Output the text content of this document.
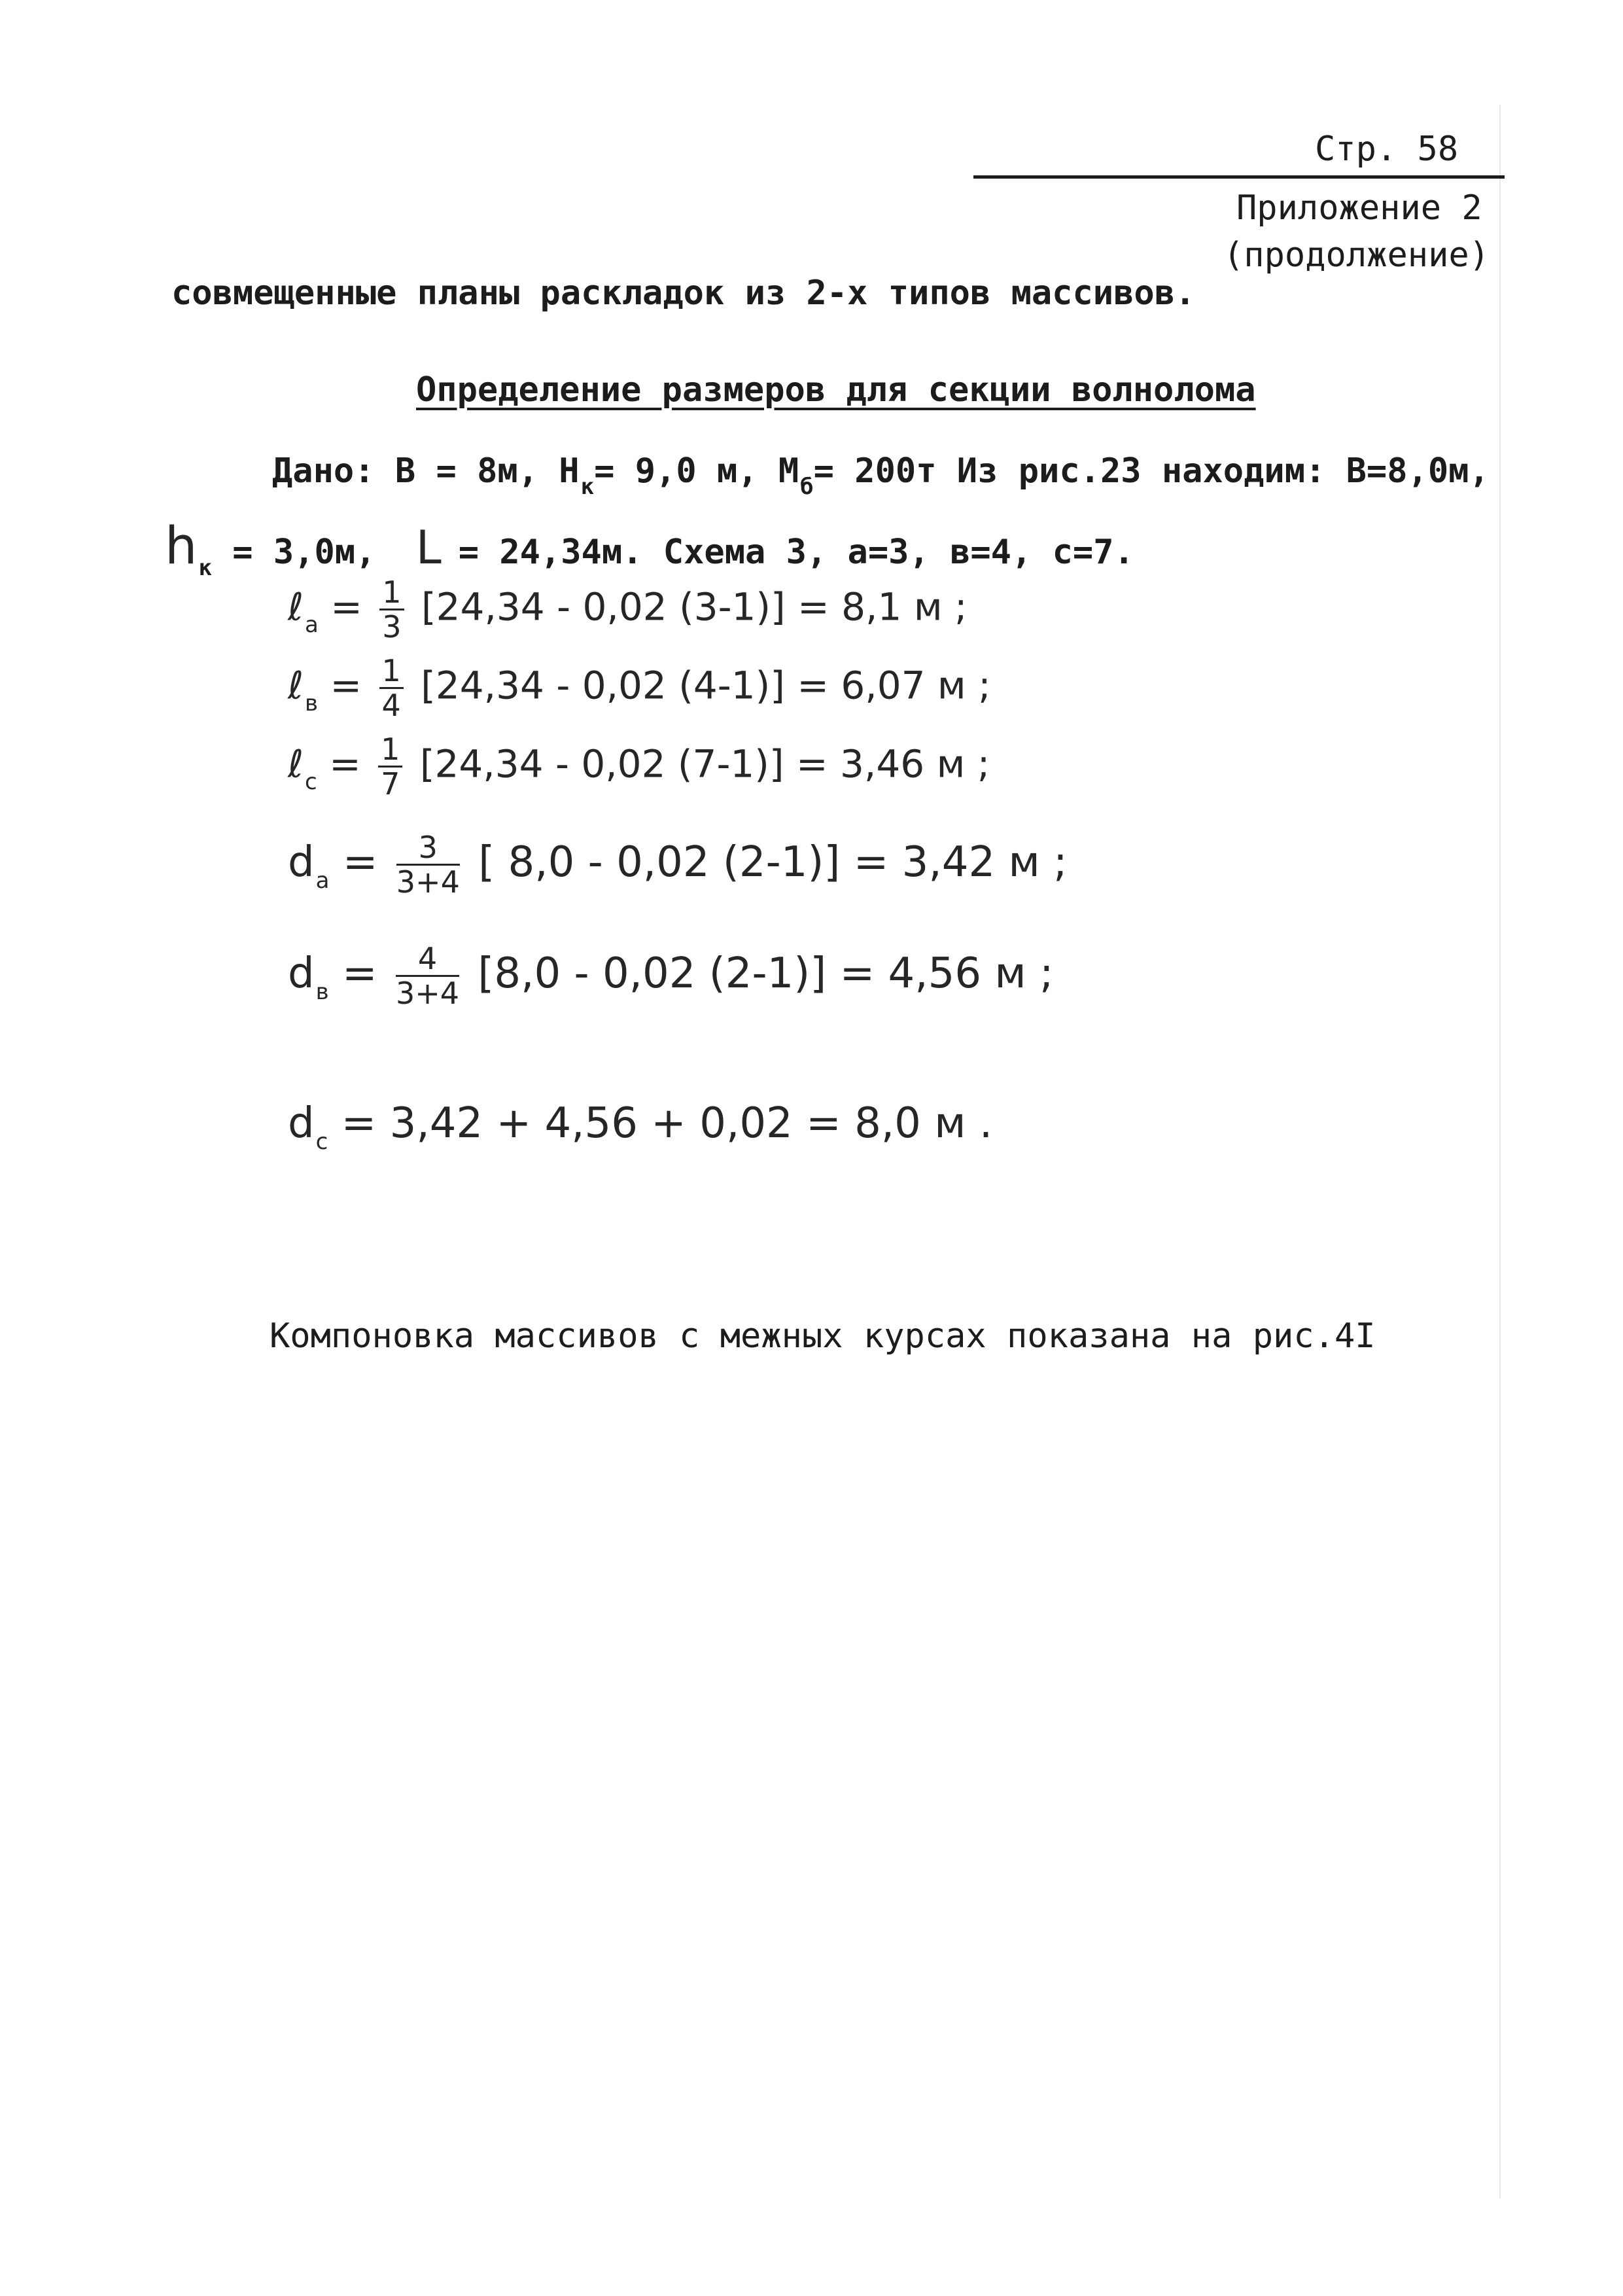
Стр. 58
Приложение 2
(продолжение)
совмещенные планы раскладок из 2-х типов массивов.
Определение размеров для секции волнолома
Дано: В = 8м, $Н_к= 9,0$ м, $М_б= 200т$ Из рис.23 находим: В=8,0м,
$h_к = 3,0м$, L = 24,34м. Схема 3, а=3, в=4, с=7.
ℓ$_a$ = $\frac{1}{3} [24,34 - 0,02$ (3-1)] = 8,1 м ;
ℓ$_в$ = $\frac{1}{4} [24,34 - 0,02$ (4-1)] = 6,07 м ;
ℓ$_c$ = $\frac{1}{7} [24,34 - 0,02$ (7-1)] = 3,46 м ;
$d_a = \frac{3}{3+4}$ [ 8,0 - 0,02 (2-1)] = 3,42 м ;
$d_в = \frac{4}{3+4} [8,0 - 0,02$ (2-1)] = 4,56 м ;
$d_c = 3,42 + 4,56 + 0,02 = 8,0$ м .
Компоновка массивов с межных курсах показана на рис.4I
